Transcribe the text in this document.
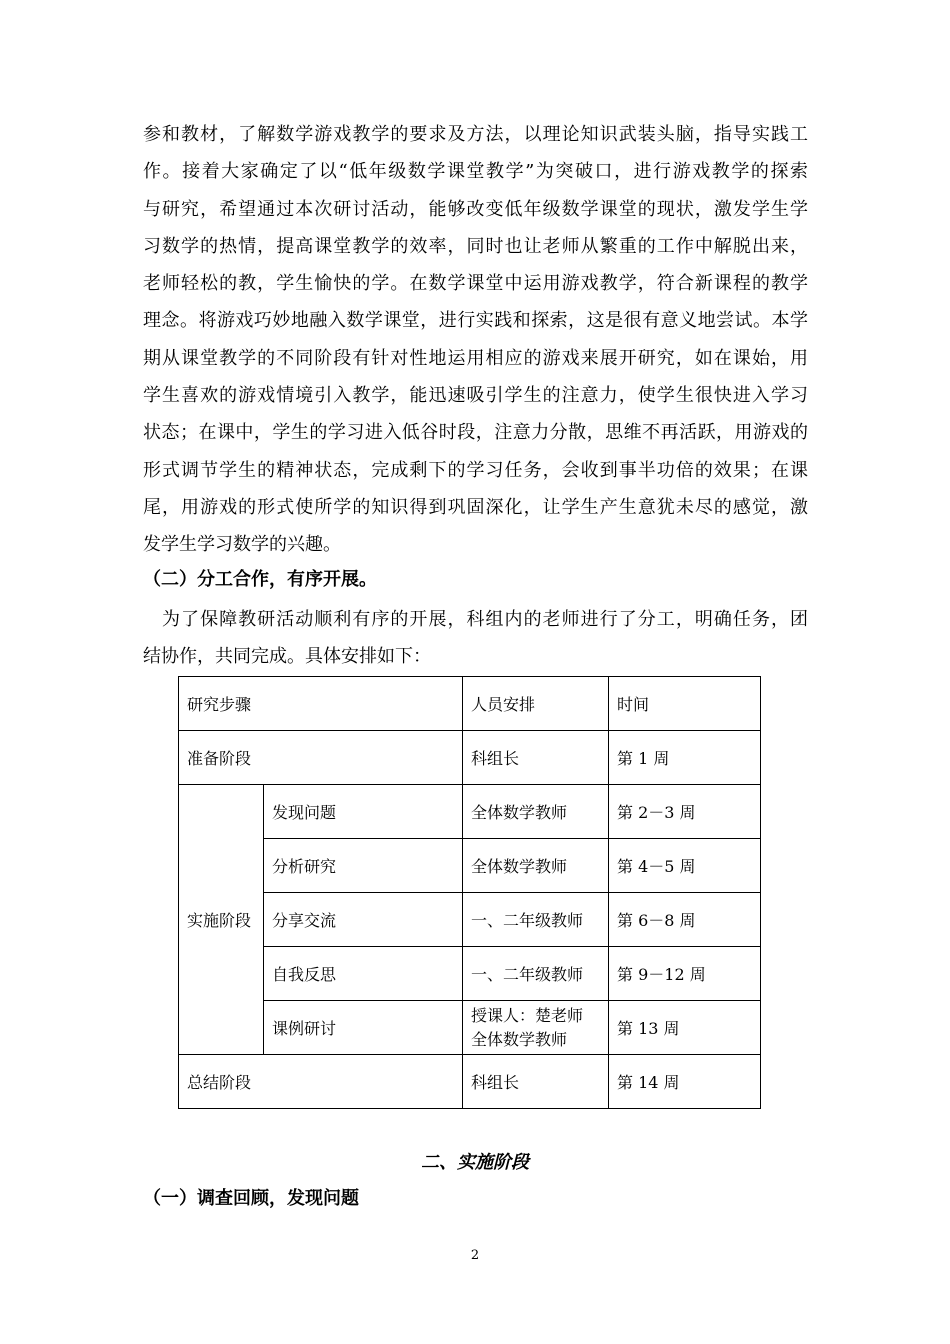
参和教材，了解数学游戏教学的要求及方法，以理论知识武装头脑，指导实践工
作。接着大家确定了以“低年级数学课堂教学”为突破口，进行游戏教学的探索
与研究，希望通过本次研讨活动，能够改变低年级数学课堂的现状，激发学生学
习数学的热情，提高课堂教学的效率，同时也让老师从繁重的工作中解脱出来，
老师轻松的教，学生愉快的学。在数学课堂中运用游戏教学，符合新课程的教学
理念。将游戏巧妙地融入数学课堂，进行实践和探索，这是很有意义地尝试。本学
期从课堂教学的不同阶段有针对性地运用相应的游戏来展开研究，如在课始，用
学生喜欢的游戏情境引入教学，能迅速吸引学生的注意力，使学生很快进入学习
状态；在课中，学生的学习进入低谷时段，注意力分散，思维不再活跃，用游戏的
形式调节学生的精神状态，完成剩下的学习任务，会收到事半功倍的效果；在课
尾，用游戏的形式使所学的知识得到巩固深化，让学生产生意犹未尽的感觉，激
发学生学习数学的兴趣。

（二）分工合作，有序开展。

　为了保障教研活动顺利有序的开展，科组内的老师进行了分工，明确任务，团
结协作，共同完成。具体安排如下：

研究步骤		人员安排	时间
准备阶段		科组长	第 1 周
实施阶段	发现问题	全体数学教师	第 2－3 周
	分析研究	全体数学教师	第 4－5 周
	分享交流	一、二年级教师	第 6－8 周
	自我反思	一、二年级教师	第 9－12 周
	课例研讨	授课人：楚老师
全体数学教师	第 13 周
总结阶段		科组长	第 14 周

二、实施阶段

（一）调查回顾，发现问题

2
